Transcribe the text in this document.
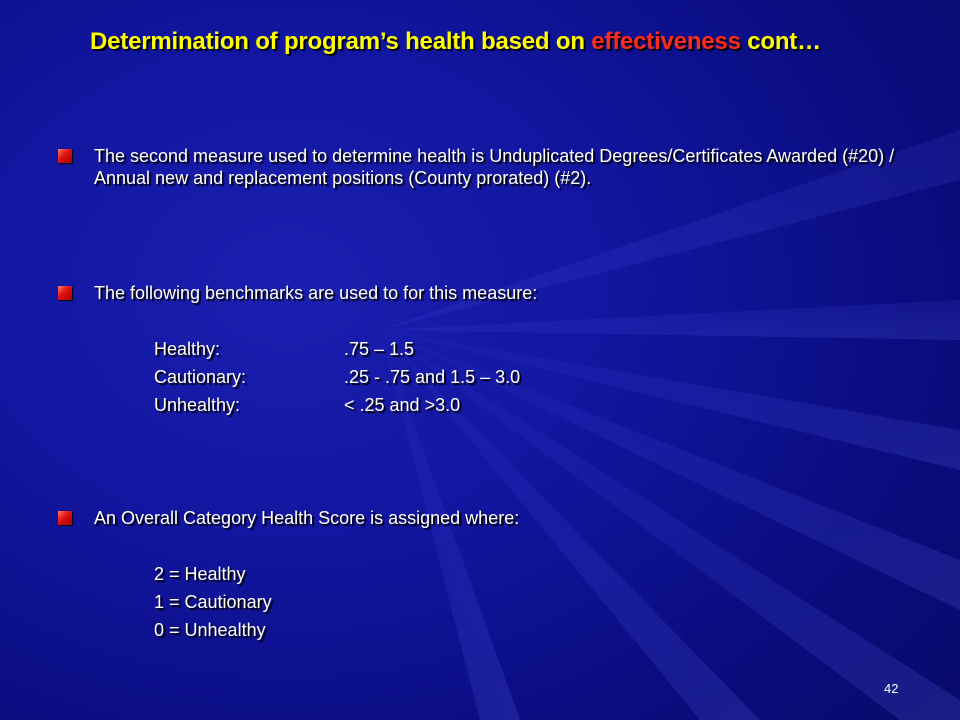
Determination of program’s health based on effectiveness cont…
The second measure used to determine health is Unduplicated Degrees/Certificates Awarded (#20) / Annual new and replacement positions (County prorated) (#2).
The following benchmarks are used to for this measure:
Healthy:	.75 – 1.5
Cautionary:	.25 - .75 and 1.5 – 3.0
Unhealthy:	< .25 and >3.0
An Overall Category Health Score is assigned where:
2 = Healthy
1 = Cautionary
0 = Unhealthy
42
